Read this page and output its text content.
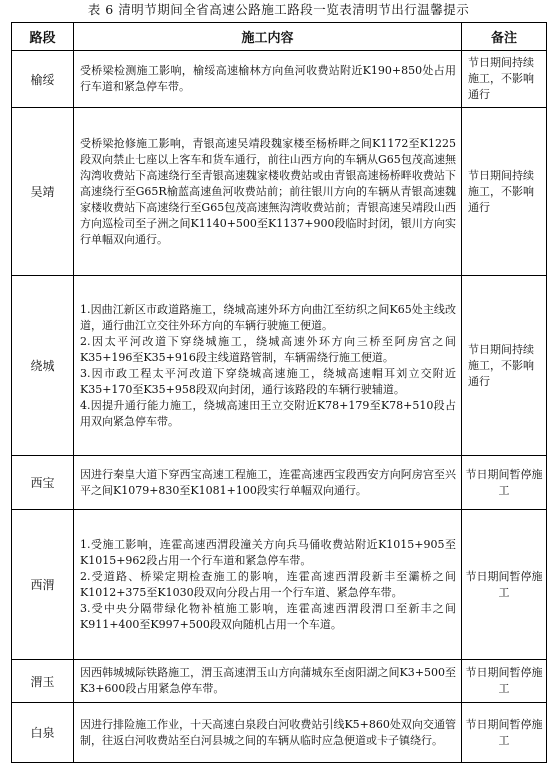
表 6 清明节期间全省高速公路施工路段一览表清明节出行温馨提示
路段	施工内容	备注
榆绥	受桥梁检测施工影响，榆绥高速榆林方向鱼河收费站附近K190+850处占用行车道和紧急停车带。	节日期间持续施工，不影响通行
吴靖	受桥梁抢修施工影响，青银高速吴靖段魏家楼至杨桥畔之间K1172至K1225段双向禁止七座以上客车和货车通行，前往山西方向的车辆从G65包茂高速無沟湾收费站下高速绕行至青银高速魏家楼收费站或由青银高速杨桥畔收费站下高速绕行至G65R榆蓝高速鱼河收费站前；前往银川方向的车辆从青银高速魏家楼收费站下高速绕行至G65包茂高速無沟湾收费站前；青银高速吴靖段山西方向巡检司至子洲之间K1140+500至K1137+900段临时封闭，银川方向实行单幅双向通行。	节日期间持续施工，不影响通行
绕城	1.因曲江新区市政道路施工，绕城高速外环方向曲江至纺织之间K65处主线改道，通行曲江立交往外环方向的车辆行驶施工便道。
2.因太平河改道下穿绕城施工，绕城高速外环方向三桥至阿房宫之间K35+196至K35+916段主线道路管制，车辆需绕行施工便道。
3.因市政工程太平河改道下穿绕城高速施工，绕城高速帽耳刘立交附近K35+170至K35+958段双向封闭，通行该路段的车辆行驶辅道。
4.因提升通行能力施工，绕城高速田王立交附近K78+179至K78+510段占用双向紧急停车带。	节日期间持续施工，不影响通行
西宝	因进行秦皇大道下穿西宝高速工程施工，连霍高速西宝段西安方向阿房宫至兴平之间K1079+830至K1081+100段实行单幅双向通行。	节日期间暂停施工
西渭	1.受施工影响，连霍高速西渭段潼关方向兵马俑收费站附近K1015+905至K1015+962段占用一个行车道和紧急停车带。
2.受道路、桥梁定期检查施工的影响，连霍高速西渭段新丰至灞桥之间K1012+375至K1030段双向分段占用一个行车道、紧急停车带。
3.受中央分隔带绿化物补植施工影响，连霍高速西渭段渭口至新丰之间K911+400至K997+500段双向随机占用一个车道。	节日期间暂停施工
渭玉	因西韩城城际铁路施工，渭玉高速渭玉山方向蒲城东至卤阳湖之间K3+500至K3+600段占用紧急停车带。	节日期间暂停施工
白泉	因进行排险施工作业，十天高速白泉段白河收费站引线K5+860处双向交通管制，往返白河收费站至白河县城之间的车辆从临时应急便道或卡子镇绕行。	节日期间暂停施工
